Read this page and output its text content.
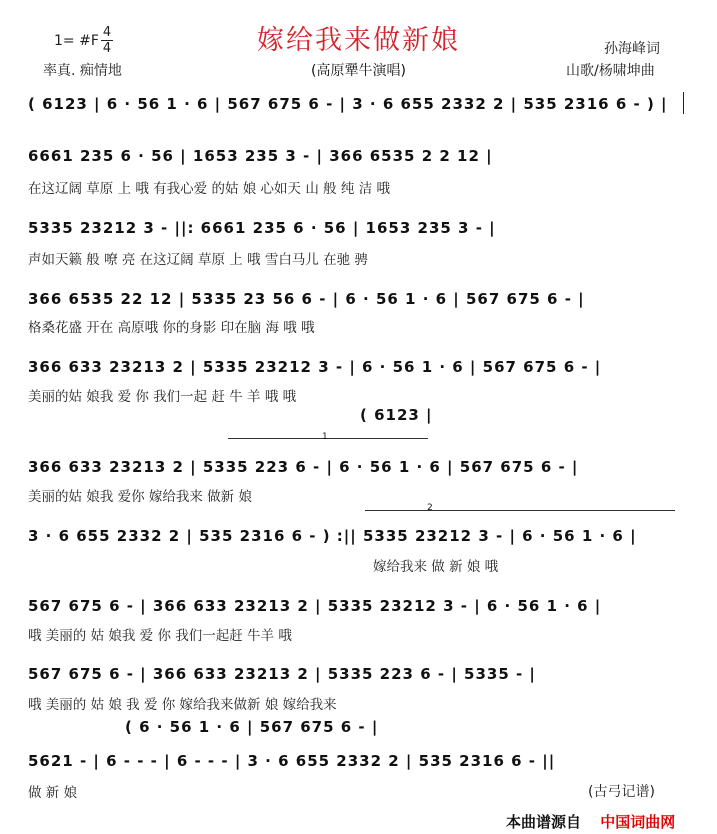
1= #F
4
4	嫁给我来做新娘	孙海峰词
率真. 痴情地	(高原犟牛演唱)	山歌/杨啸坤曲
( 6123 | 6 · 56 1 · 6 | 567 675 6 - | 3 · 6 655 2332 2 | 535 2316 6 - ) |
6661 235 6 · 56 | 1653 235 3 - | 366 6535 2 2 12 |
在这辽阔 草原 上 哦 有我心爱 的姑 娘 心如天 山 般 纯 洁 哦
5335 23212 3 - ||: 6661 235 6 · 56 | 1653 235 3 - |
声如天籁 般 嘹 亮 在这辽阔 草原 上 哦 雪白马儿 在驰 骋
366 6535 22 12 | 5335 23 56 6 - | 6 · 56 1 · 6 | 567 675 6 - |
格桑花盛 开在 高原哦 你的身影 印在脑 海 哦 哦
366 633 23213 2 | 5335 23212 3 - | 6 · 56 1 · 6 | 567 675 6 - |
美丽的姑 娘我 爱 你 我们一起 赶 牛 羊 哦 哦
( 6123 |
1
366 633 23213 2 | 5335 223 6 - | 6 · 56 1 · 6 | 567 675 6 - |
美丽的姑 娘我 爱你 嫁给我来 做新 娘
2
3 · 6 655 2332 2 | 535 2316 6 - ) :|| 5335 23212 3 - | 6 · 56 1 · 6 |
嫁给我来 做 新 娘 哦
567 675 6 - | 366 633 23213 2 | 5335 23212 3 - | 6 · 56 1 · 6 |
哦 美丽的 姑 娘我 爱 你 我们一起赶 牛羊 哦
567 675 6 - | 366 633 23213 2 | 5335 223 6 - | 5335 - |
哦 美丽的 姑 娘 我 爱 你 嫁给我来做新 娘 嫁给我来
( 6 · 56 1 · 6 | 567 675 6 - |
5621 - | 6 - - - | 6 - - - | 3 · 6 655 2332 2 | 535 2316 6 - ||
做 新 娘	(古弓记谱)
本曲谱源自 中国词曲网
